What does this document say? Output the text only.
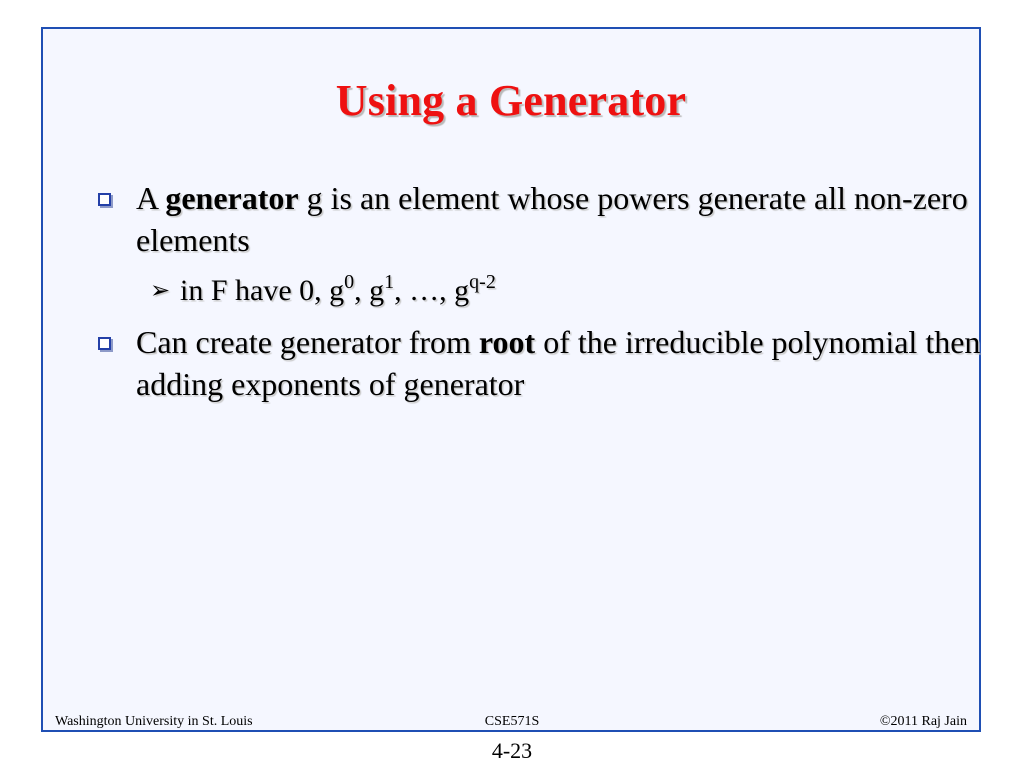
Using a Generator
A generator g is an element whose powers generate all non-zero elements
➢ in F have 0, $g^0$, $g^1$, …, $g^{q-2}$
Can create generator from root of the irreducible polynomial then adding exponents of generator
Washington University in St. Louis	CSE571S	©2011 Raj Jain
4-23
